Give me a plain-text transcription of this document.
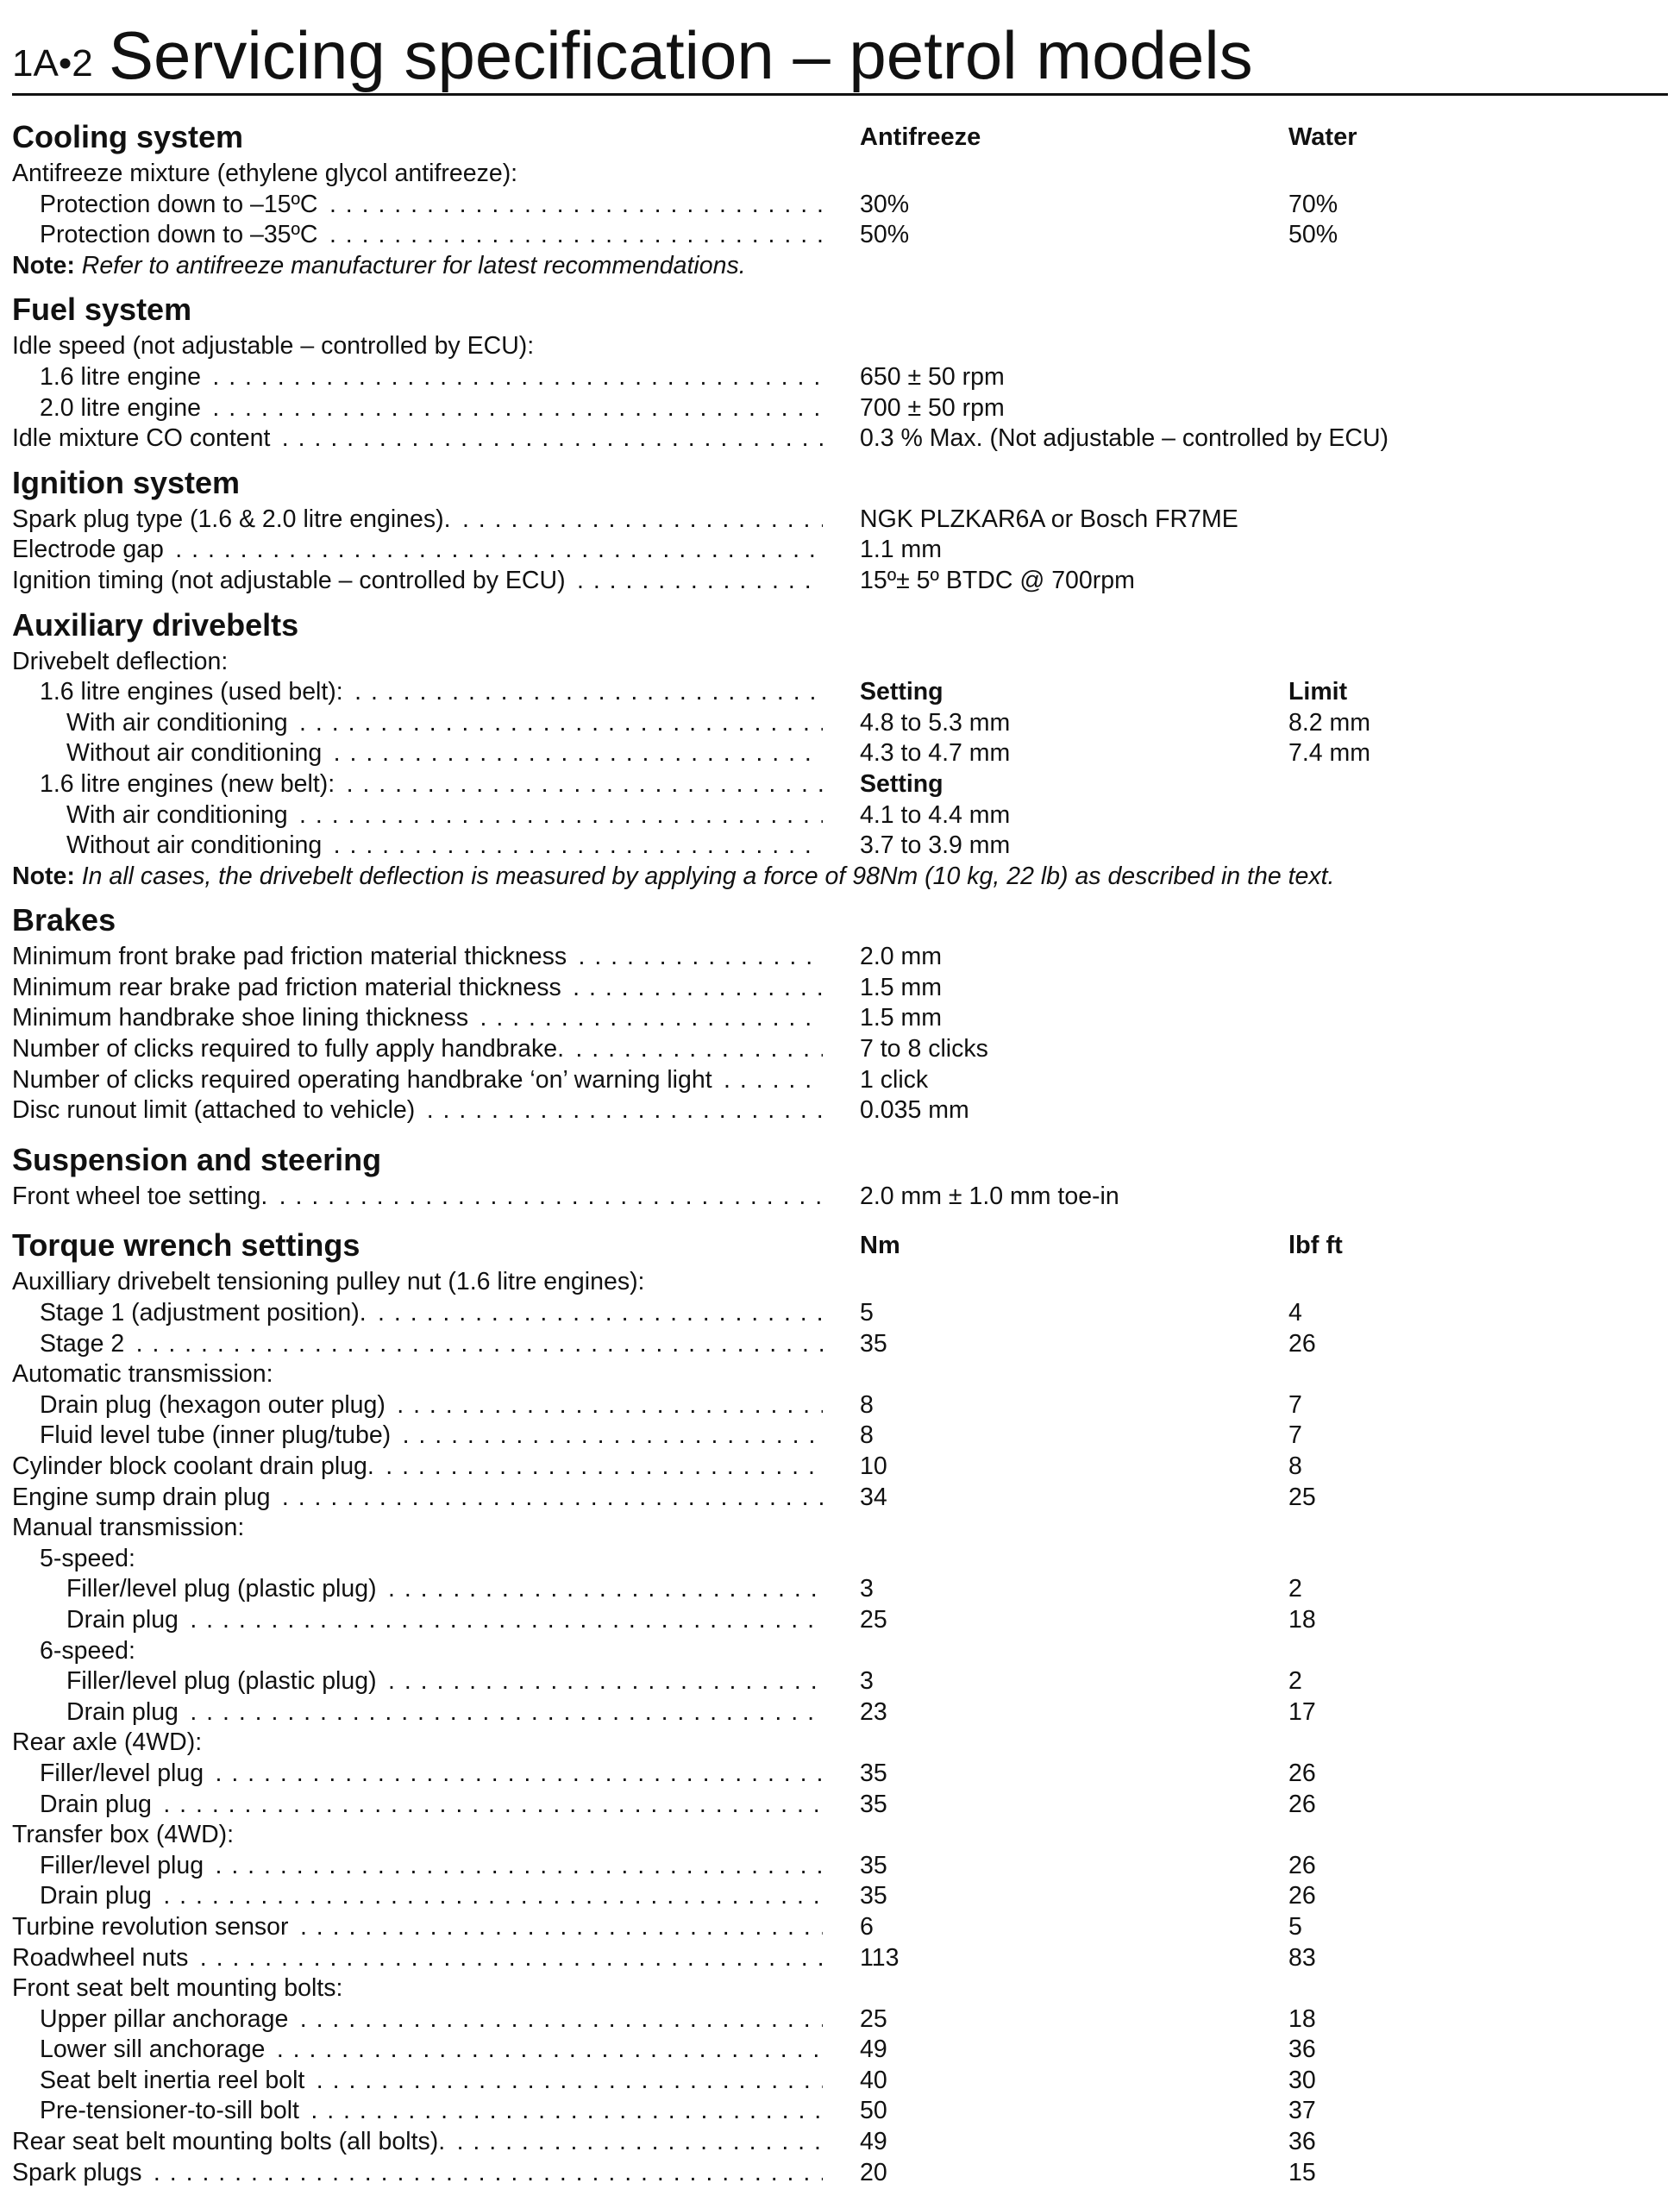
1A•2 Servicing specification – petrol models
Cooling system	Antifreeze	Water
Antifreeze mixture (ethylene glycol antifreeze):
Protection down to –15ºC . . .	30%	70%
Protection down to –35ºC . . .	50%	50%
Note: Refer to antifreeze manufacturer for latest recommendations.
Fuel system
Idle speed (not adjustable – controlled by ECU):
1.6 litre engine . . .	650 ± 50 rpm
2.0 litre engine . . .	700 ± 50 rpm
Idle mixture CO content . . .	0.3 % Max. (Not adjustable – controlled by ECU)
Ignition system
Spark plug type (1.6 & 2.0 litre engines). . . .	NGK PLZKAR6A or Bosch FR7ME
Electrode gap . . .	1.1 mm
Ignition timing (not adjustable – controlled by ECU) . . .	15º± 5º BTDC @ 700rpm
Auxiliary drivebelts
Drivebelt deflection:
1.6 litre engines (used belt): . . .	Setting	Limit
With air conditioning . . .	4.8 to 5.3 mm	8.2 mm
Without air conditioning . . .	4.3 to 4.7 mm	7.4 mm
1.6 litre engines (new belt): . . .	Setting
With air conditioning . . .	4.1 to 4.4 mm
Without air conditioning . . .	3.7 to 3.9 mm
Note: In all cases, the drivebelt deflection is measured by applying a force of 98Nm (10 kg, 22 lb) as described in the text.
Brakes
Minimum front brake pad friction material thickness . . .	2.0 mm
Minimum rear brake pad friction material thickness . . .	1.5 mm
Minimum handbrake shoe lining thickness . . .	1.5 mm
Number of clicks required to fully apply handbrake. . . .	7 to 8 clicks
Number of clicks required operating handbrake ‘on’ warning light . . .	1 click
Disc runout limit (attached to vehicle) . . .	0.035 mm
Suspension and steering
Front wheel toe setting. . . .	2.0 mm ± 1.0 mm toe-in
Torque wrench settings	Nm	lbf ft
Auxilliary drivebelt tensioning pulley nut (1.6 litre engines):
Stage 1 (adjustment position). . . .	5	4
Stage 2 . . .	35	26
Automatic transmission:
Drain plug (hexagon outer plug) . . .	8	7
Fluid level tube (inner plug/tube) . . .	8	7
Cylinder block coolant drain plug. . . .	10	8
Engine sump drain plug . . .	34	25
Manual transmission:
5-speed:
Filler/level plug (plastic plug) . . .	3	2
Drain plug . . .	25	18
6-speed:
Filler/level plug (plastic plug) . . .	3	2
Drain plug . . .	23	17
Rear axle (4WD):
Filler/level plug . . .	35	26
Drain plug . . .	35	26
Transfer box (4WD):
Filler/level plug . . .	35	26
Drain plug . . .	35	26
Turbine revolution sensor . . .	6	5
Roadwheel nuts . . .	113	83
Front seat belt mounting bolts:
Upper pillar anchorage . . .	25	18
Lower sill anchorage . . .	49	36
Seat belt inertia reel bolt . . .	40	30
Pre-tensioner-to-sill bolt . . .	50	37
Rear seat belt mounting bolts (all bolts). . . .	49	36
Spark plugs . . .	20	15
